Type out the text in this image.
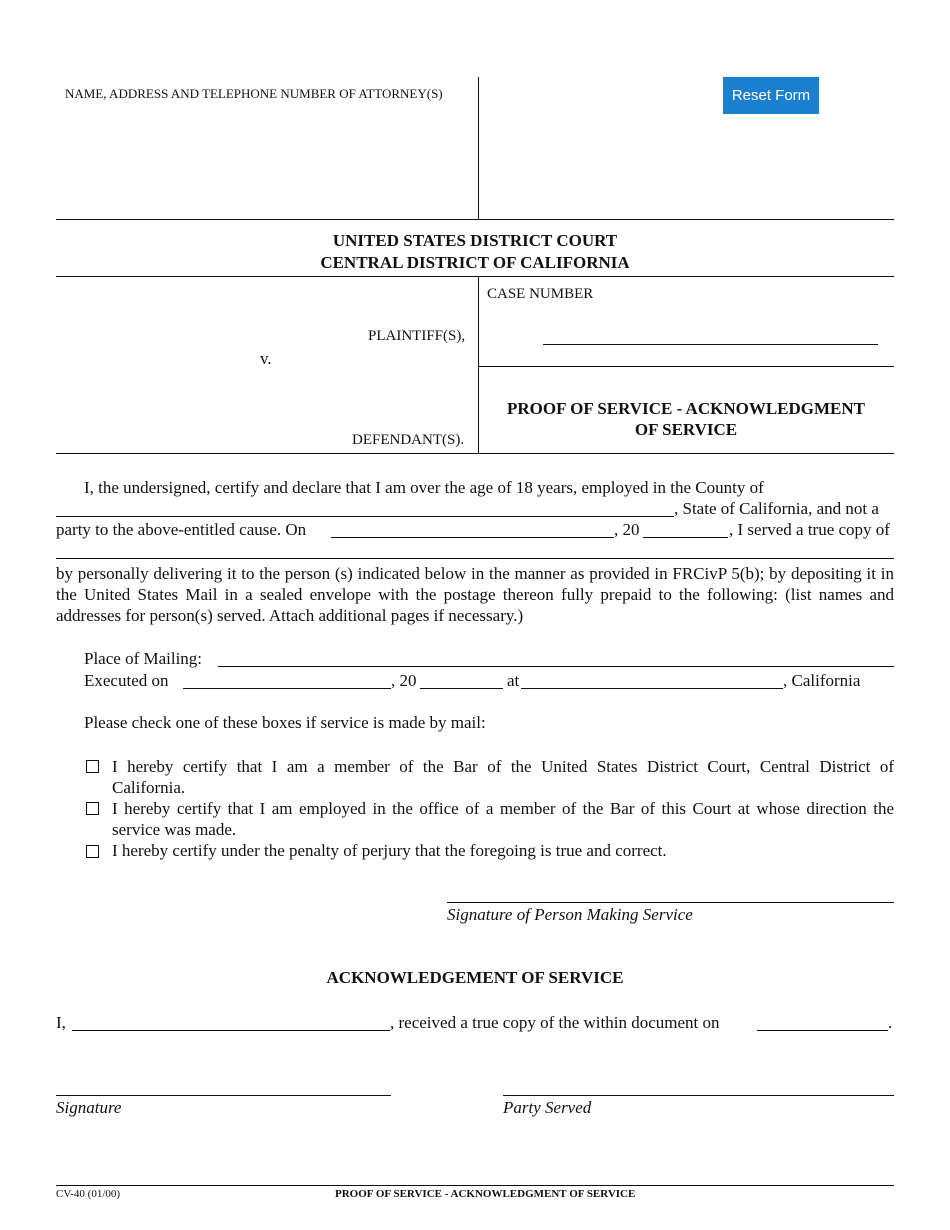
NAME, ADDRESS AND TELEPHONE NUMBER OF ATTORNEY(S)	Reset Form
UNITED STATES DISTRICT COURT
CENTRAL DISTRICT OF CALIFORNIA
PLAINTIFF(S),
v.
DEFENDANT(S).
CASE NUMBER
PROOF OF SERVICE - ACKNOWLEDGMENT
OF SERVICE
I, the undersigned, certify and declare that I am over the age of 18 years, employed in the County of
, State of California, and not a
party to the above-entitled cause. On	, 20	, I served a true copy of
by personally delivering it to the person (s) indicated below in the manner as provided in FRCivP 5(b); by depositing it in the United States Mail in a sealed envelope with the postage thereon fully prepaid to the following: (list names and addresses for person(s) served. Attach additional pages if necessary.)
Place of Mailing:
Executed on	, 20	at	, California
Please check one of these boxes if service is made by mail:
I hereby certify that I am a member of the Bar of the United States District Court, Central District of
California.
I hereby certify that I am employed in the office of a member of the Bar of this Court at whose direction the
service was made.
I hereby certify under the penalty of perjury that the foregoing is true and correct.
Signature of Person Making Service
ACKNOWLEDGEMENT OF SERVICE
I,	, received a true copy of the within document on	.
Signature	Party Served
CV-40 (01/00)	PROOF OF SERVICE - ACKNOWLEDGMENT OF SERVICE
